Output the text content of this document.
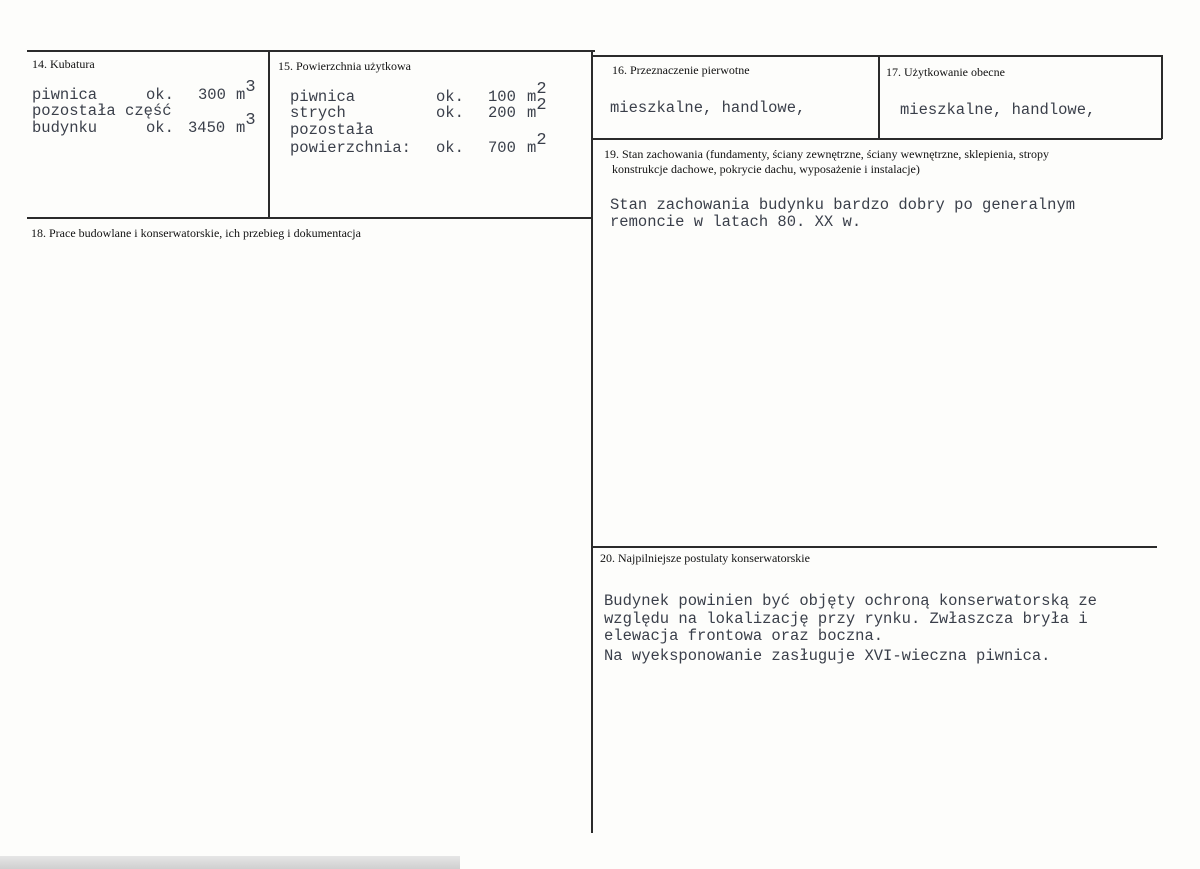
14. Kubatura
piwnica	ok. 300 m3
pozostała część
budynku	ok. 3450 m3
15. Powierzchnia użytkowa
piwnica	ok. 100 m2
strych	ok. 200 m2
pozostała
powierzchnia: ok. 700 m2
16. Przeznaczenie pierwotne
mieszkalne, handlowe,
17. Użytkowanie obecne
mieszkalne, handlowe,
18. Prace budowlane i konserwatorskie, ich przebieg i dokumentacja
19. Stan zachowania (fundamenty, ściany zewnętrzne, ściany wewnętrzne, sklepienia, stropy
konstrukcje dachowe, pokrycie dachu, wyposażenie i instalacje)
Stan zachowania budynku bardzo dobry po generalnym
remoncie w latach 80. XX w.
20. Najpilniejsze postulaty konserwatorskie
Budynek powinien być objęty ochroną konserwatorską ze
względu na lokalizację przy rynku. Zwłaszcza bryła i
elewacja frontowa oraz boczna.
Na wyeksponowanie zasługuje XVI-wieczna piwnica.
